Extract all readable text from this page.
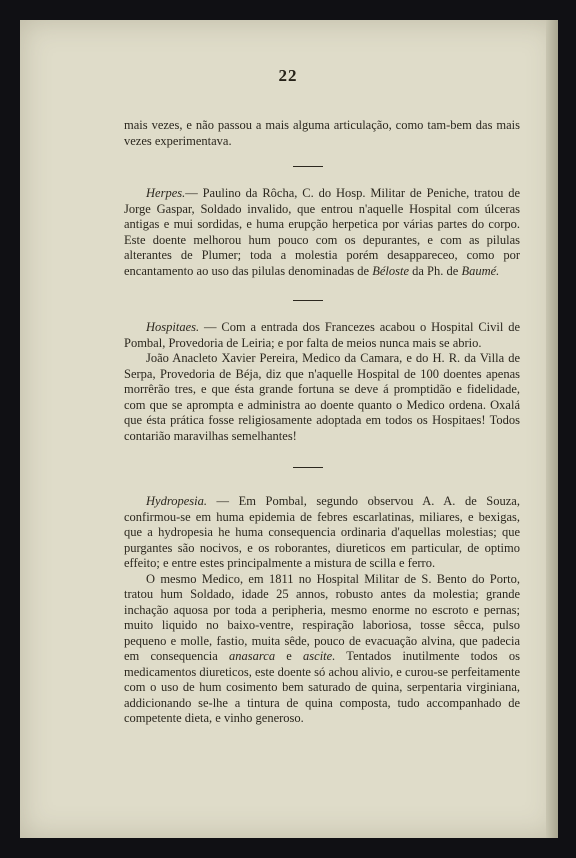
22

mais vezes, e não passou a mais alguma articulação, como tam-bem das mais vezes experimentava.

Herpes.— Paulino da Rôcha, C. do Hosp. Militar de Peniche, tratou de Jorge Gaspar, Soldado invalido, que entrou n'aquelle Hospital com úlceras antigas e mui sordidas, e huma erupção herpetica por várias partes do corpo. Este doente melhorou hum pouco com os depurantes, e com as pilulas alterantes de Plumer; toda a molestia porém desappareceo, como por encantamento ao uso das pilulas denominadas de Béloste da Ph. de Baumé.

Hospitaes. — Com a entrada dos Francezes acabou o Hospital Civil de Pombal, Provedoria de Leiria; e por falta de meios nunca mais se abrio.

João Anacleto Xavier Pereira, Medico da Camara, e do H. R. da Villa de Serpa, Provedoria de Béja, diz que n'aquelle Hospital de 100 doentes apenas morrêrão tres, e que ésta grande fortuna se deve á promptidão e fidelidade, com que se apromptа e administra ao doente quanto o Medico ordena. Oxalá que ésta prática fosse religiosamente adoptada em todos os Hospitaes! Todos contarião maravilhas semelhantes!

Hydropesia. — Em Pombal, segundo observou A. A. de Souza, confirmou-se em huma epidemia de febres escarlatinas, miliares, e bexigas, que a hydropesia he huma consequencia ordinaria d'aquellas molestias; que purgantes são nocivos, e os roborantes, diureticos em particular, de optimo effeito; e entre estes principalmente a mistura de scilla e ferro.

O mesmo Medico, em 1811 no Hospital Militar de S. Bento do Porto, tratou hum Soldado, idade 25 annos, robusto antes da molestia; grande inchação aquosa por toda a peripheria, mesmo enorme no escroto e pernas; muito liquido no baixo-ventre, respiração laboriosa, tosse sêcca, pulso pequeno e molle, fastio, muita sêde, pouco de evacuação alvina, que padecia em consequencia anasarca e ascite. Tentados inutilmente todos os medicamentos diureticos, este doente só achou alivio, e curou-se perfeitamente com o uso de hum cosimento bem saturado de quina, serpentaria virginiana, addicionando se-lhe a tintura de quina composta, tudo accompanhado de competente dieta, e vinho generoso.
